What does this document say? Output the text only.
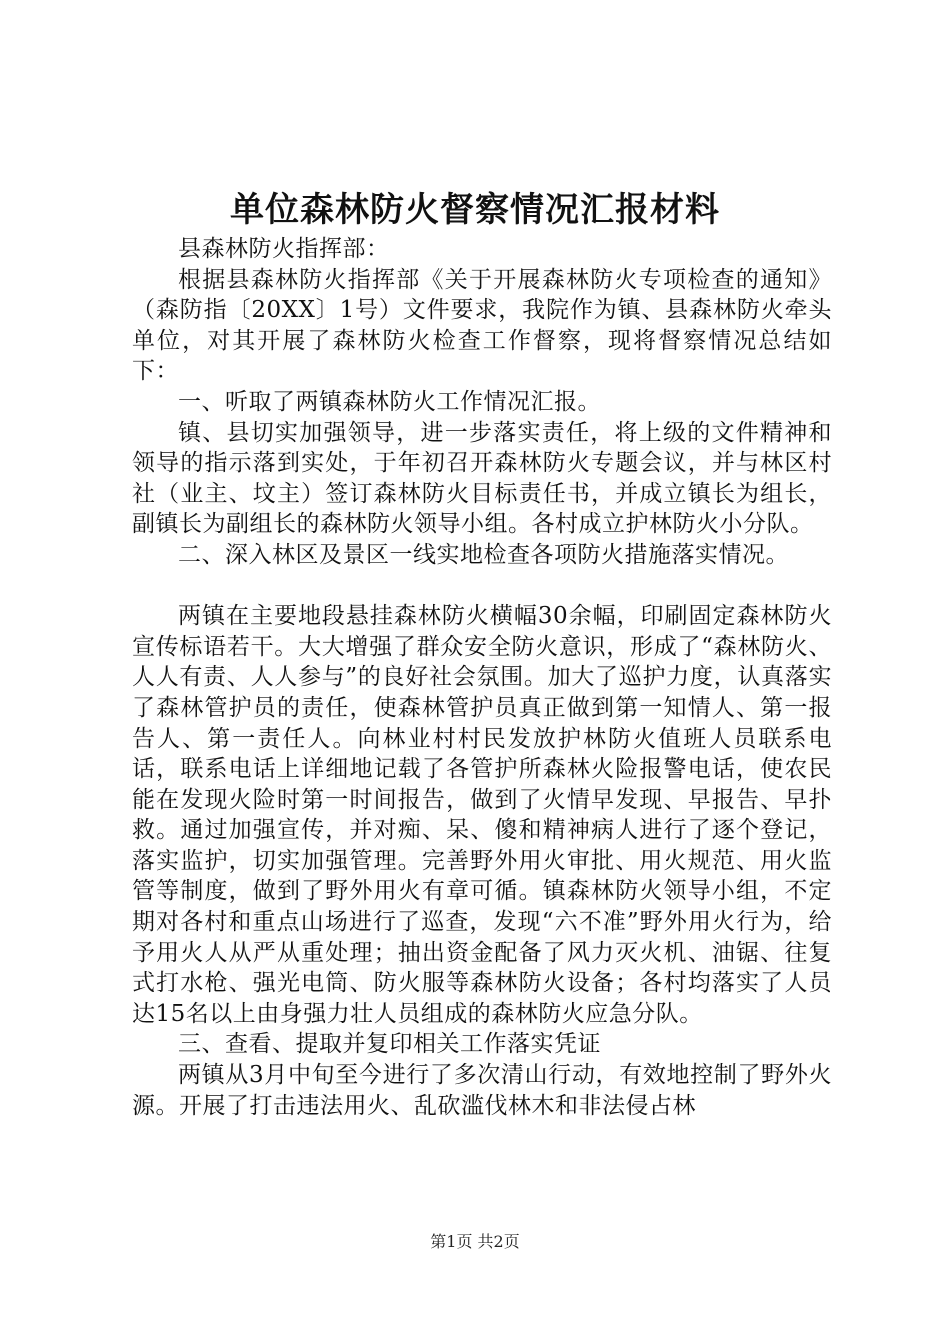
单位森林防火督察情况汇报材料

县森林防火指挥部：

根据县森林防火指挥部《关于开展森林防火专项检查的通知》（森防指〔20XX〕1号）文件要求，我院作为镇、县森林防火牵头单位，对其开展了森林防火检查工作督察，现将督察情况总结如下：

一、听取了两镇森林防火工作情况汇报。

镇、县切实加强领导，进一步落实责任，将上级的文件精神和领导的指示落到实处，于年初召开森林防火专题会议，并与林区村社（业主、坟主）签订森林防火目标责任书，并成立镇长为组长，副镇长为副组长的森林防火领导小组。各村成立护林防火小分队。

二、深入林区及景区一线实地检查各项防火措施落实情况。

两镇在主要地段悬挂森林防火横幅30余幅，印刷固定森林防火宣传标语若干。大大增强了群众安全防火意识，形成了“森林防火、人人有责、人人参与”的良好社会氛围。加大了巡护力度，认真落实了森林管护员的责任，使森林管护员真正做到第一知情人、第一报告人、第一责任人。向林业村村民发放护林防火值班人员联系电话，联系电话上详细地记载了各管护所森林火险报警电话，使农民能在发现火险时第一时间报告，做到了火情早发现、早报告、早扑救。通过加强宣传，并对痴、呆、傻和精神病人进行了逐个登记，落实监护，切实加强管理。完善野外用火审批、用火规范、用火监管等制度，做到了野外用火有章可循。镇森林防火领导小组，不定期对各村和重点山场进行了巡查，发现“六不准”野外用火行为，给予用火人从严从重处理；抽出资金配备了风力灭火机、油锯、往复式打水枪、强光电筒、防火服等森林防火设备；各村均落实了人员达15名以上由身强力壮人员组成的森林防火应急分队。

三、查看、提取并复印相关工作落实凭证

两镇从3月中旬至今进行了多次清山行动，有效地控制了野外火源。开展了打击违法用火、乱砍滥伐林木和非法侵占林

第1页 共2页
